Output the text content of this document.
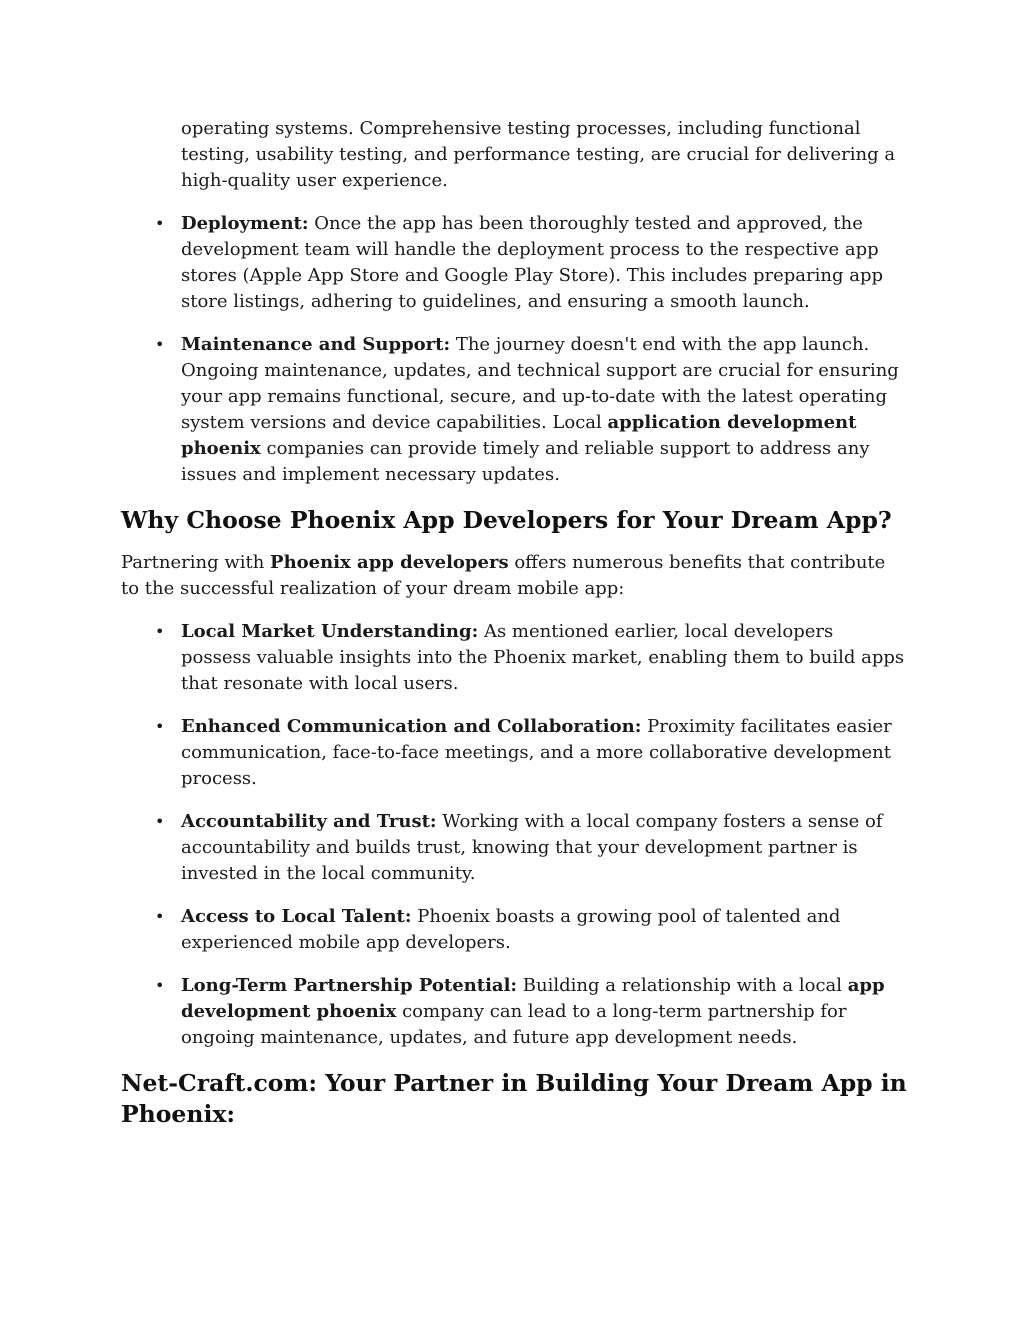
operating systems. Comprehensive testing processes, including functional testing, usability testing, and performance testing, are crucial for delivering a high-quality user experience.

• Deployment: Once the app has been thoroughly tested and approved, the development team will handle the deployment process to the respective app stores (Apple App Store and Google Play Store). This includes preparing app store listings, adhering to guidelines, and ensuring a smooth launch.
• Maintenance and Support: The journey doesn't end with the app launch. Ongoing maintenance, updates, and technical support are crucial for ensuring your app remains functional, secure, and up-to-date with the latest operating system versions and device capabilities. Local application development phoenix companies can provide timely and reliable support to address any issues and implement necessary updates.
Why Choose Phoenix App Developers for Your Dream App?

Partnering with Phoenix app developers offers numerous benefits that contribute to the successful realization of your dream mobile app:

• Local Market Understanding: As mentioned earlier, local developers possess valuable insights into the Phoenix market, enabling them to build apps that resonate with local users.
• Enhanced Communication and Collaboration: Proximity facilitates easier communication, face-to-face meetings, and a more collaborative development process.
• Accountability and Trust: Working with a local company fosters a sense of accountability and builds trust, knowing that your development partner is invested in the local community.
• Access to Local Talent: Phoenix boasts a growing pool of talented and experienced mobile app developers.
• Long-Term Partnership Potential: Building a relationship with a local app development phoenix company can lead to a long-term partnership for ongoing maintenance, updates, and future app development needs.
Net-Craft.com: Your Partner in Building Your Dream App in Phoenix:
